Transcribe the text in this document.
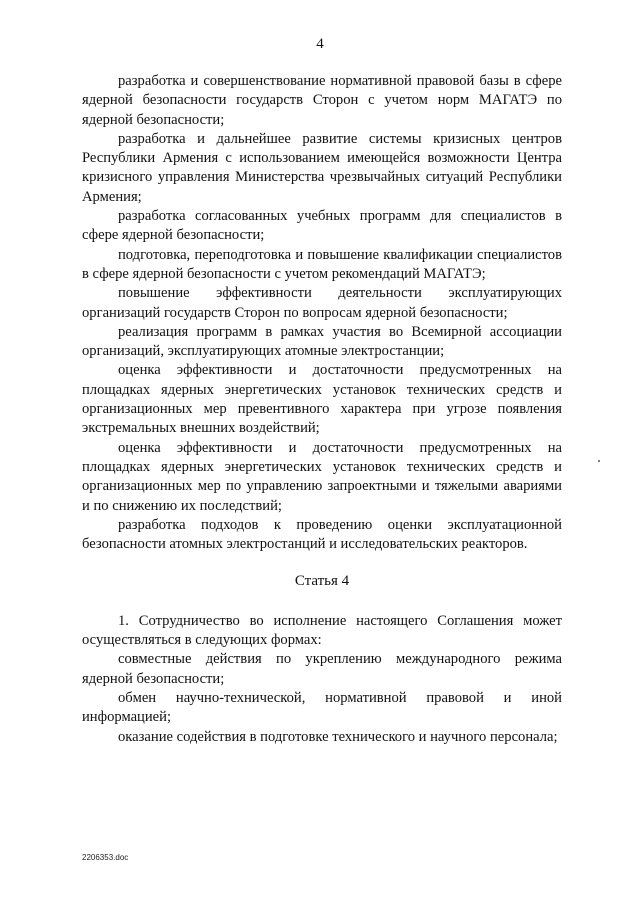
4

разработка и совершенствование нормативной правовой базы в сфере ядерной безопасности государств Сторон с учетом норм МАГАТЭ по ядерной безопасности;

разработка и дальнейшее развитие системы кризисных центров Республики Армения с использованием имеющейся возможности Центра кризисного управления Министерства чрезвычайных ситуаций Республики Армения;

разработка согласованных учебных программ для специалистов в сфере ядерной безопасности;

подготовка, переподготовка и повышение квалификации специалистов в сфере ядерной безопасности с учетом рекомендаций МАГАТЭ;

повышение эффективности деятельности эксплуатирующих организаций государств Сторон по вопросам ядерной безопасности;

реализация программ в рамках участия во Всемирной ассоциации организаций, эксплуатирующих атомные электростанции;

оценка эффективности и достаточности предусмотренных на площадках ядерных энергетических установок технических средств и организационных мер превентивного характера при угрозе появления экстремальных внешних воздействий;

оценка эффективности и достаточности предусмотренных на площадках ядерных энергетических установок технических средств и организационных мер по управлению запроектными и тяжелыми авариями и по снижению их последствий;

разработка подходов к проведению оценки эксплуатационной безопасности атомных электростанций и исследовательских реакторов.

Статья 4

1. Сотрудничество во исполнение настоящего Соглашения может осуществляться в следующих формах:

совместные действия по укреплению международного режима ядерной безопасности;

обмен научно-технической, нормативной правовой и иной информацией;

оказание содействия в подготовке технического и научного персонала;

2206353.doc
